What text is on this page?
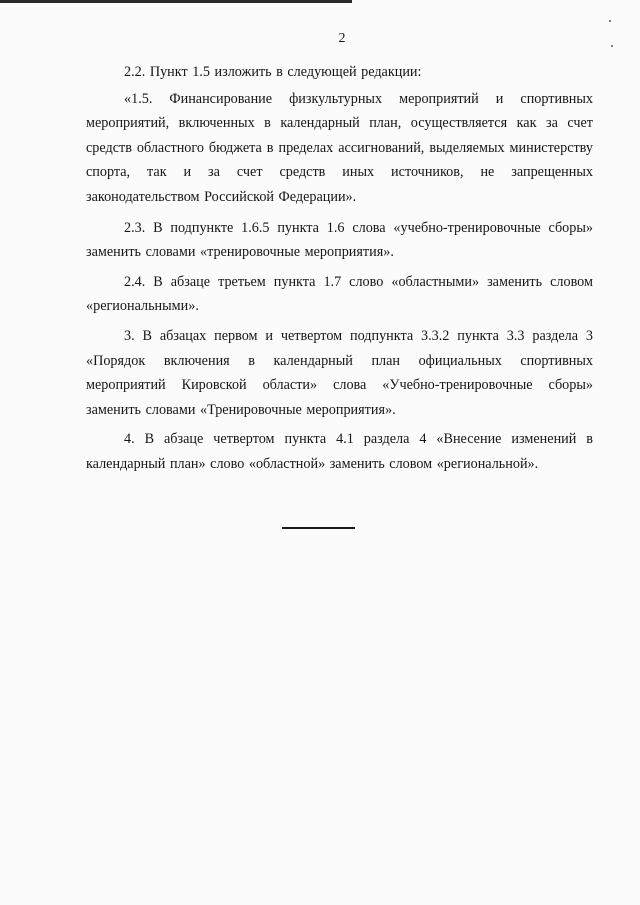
2

2.2. Пункт 1.5 изложить в следующей редакции:

«1.5. Финансирование физкультурных мероприятий и спортивных мероприятий, включенных в календарный план, осуществляется как за счет средств областного бюджета в пределах ассигнований, выделяемых министерству спорта, так и за счет средств иных источников, не запрещенных законодательством Российской Федерации».

2.3. В подпункте 1.6.5 пункта 1.6 слова «учебно-тренировочные сборы» заменить словами «тренировочные мероприятия».

2.4. В абзаце третьем пункта 1.7 слово «областными» заменить словом «региональными».

3. В абзацах первом и четвертом подпункта 3.3.2 пункта 3.3 раздела 3 «Порядок включения в календарный план официальных спортивных мероприятий Кировской области» слова «Учебно-тренировочные сборы» заменить словами «Тренировочные мероприятия».

4. В абзаце четвертом пункта 4.1 раздела 4 «Внесение изменений в календарный план» слово «областной» заменить словом «региональной».
